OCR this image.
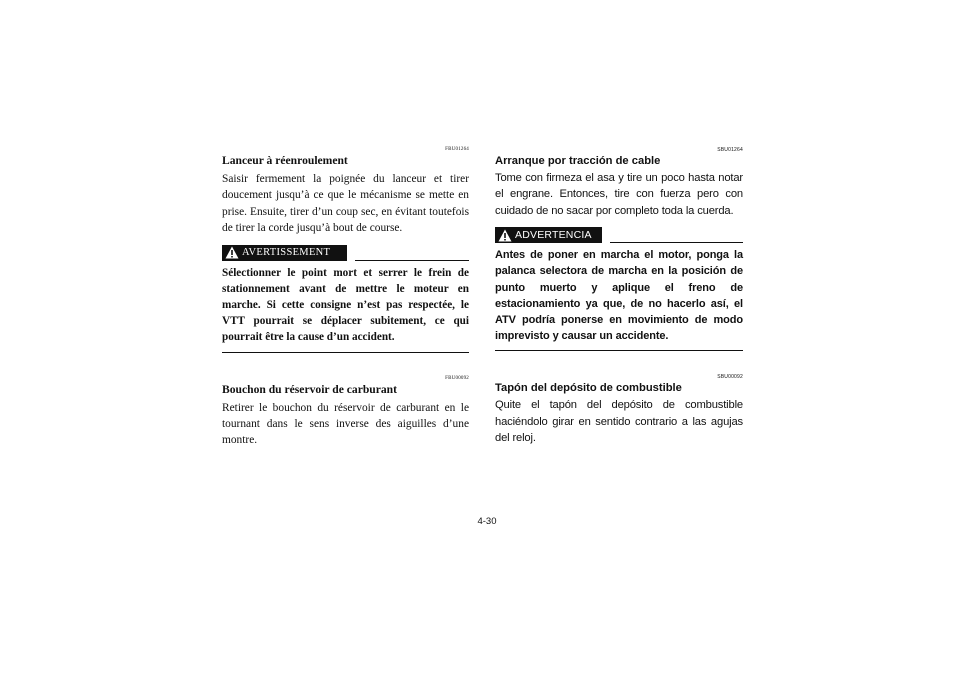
FBU01264
Lanceur à réenroulement

Saisir fermement la poignée du lanceur et tirer doucement jusqu’à ce que le mécanisme se mette en prise. Ensuite, tirer d’un coup sec, en évitant toutefois de tirer la corde jusqu’à bout de course.

AVERTISSEMENT

Sélectionner le point mort et serrer le frein de stationnement avant de mettre le moteur en marche. Si cette consigne n’est pas respectée, le VTT pourrait se déplacer subitement, ce qui pourrait être la cause d’un accident.

FBU00092
Bouchon du réservoir de carburant

Retirer le bouchon du réservoir de carburant en le tournant dans le sens inverse des aiguilles d’une montre.

SBU01264
Arranque por tracción de cable

Tome con firmeza el asa y tire un poco hasta notar el engrane. Entonces, tire con fuerza pero con cuidado de no sacar por completo toda la cuerda.

ADVERTENCIA

Antes de poner en marcha el motor, ponga la palanca selectora de marcha en la posición de punto muerto y aplique el freno de estacionamiento ya que, de no hacerlo así, el ATV podría ponerse en movimiento de modo imprevisto y causar un accidente.

SBU00092
Tapón del depósito de combustible

Quite el tapón del depósito de combustible haciéndolo girar en sentido contrario a las agujas del reloj.

4-30
